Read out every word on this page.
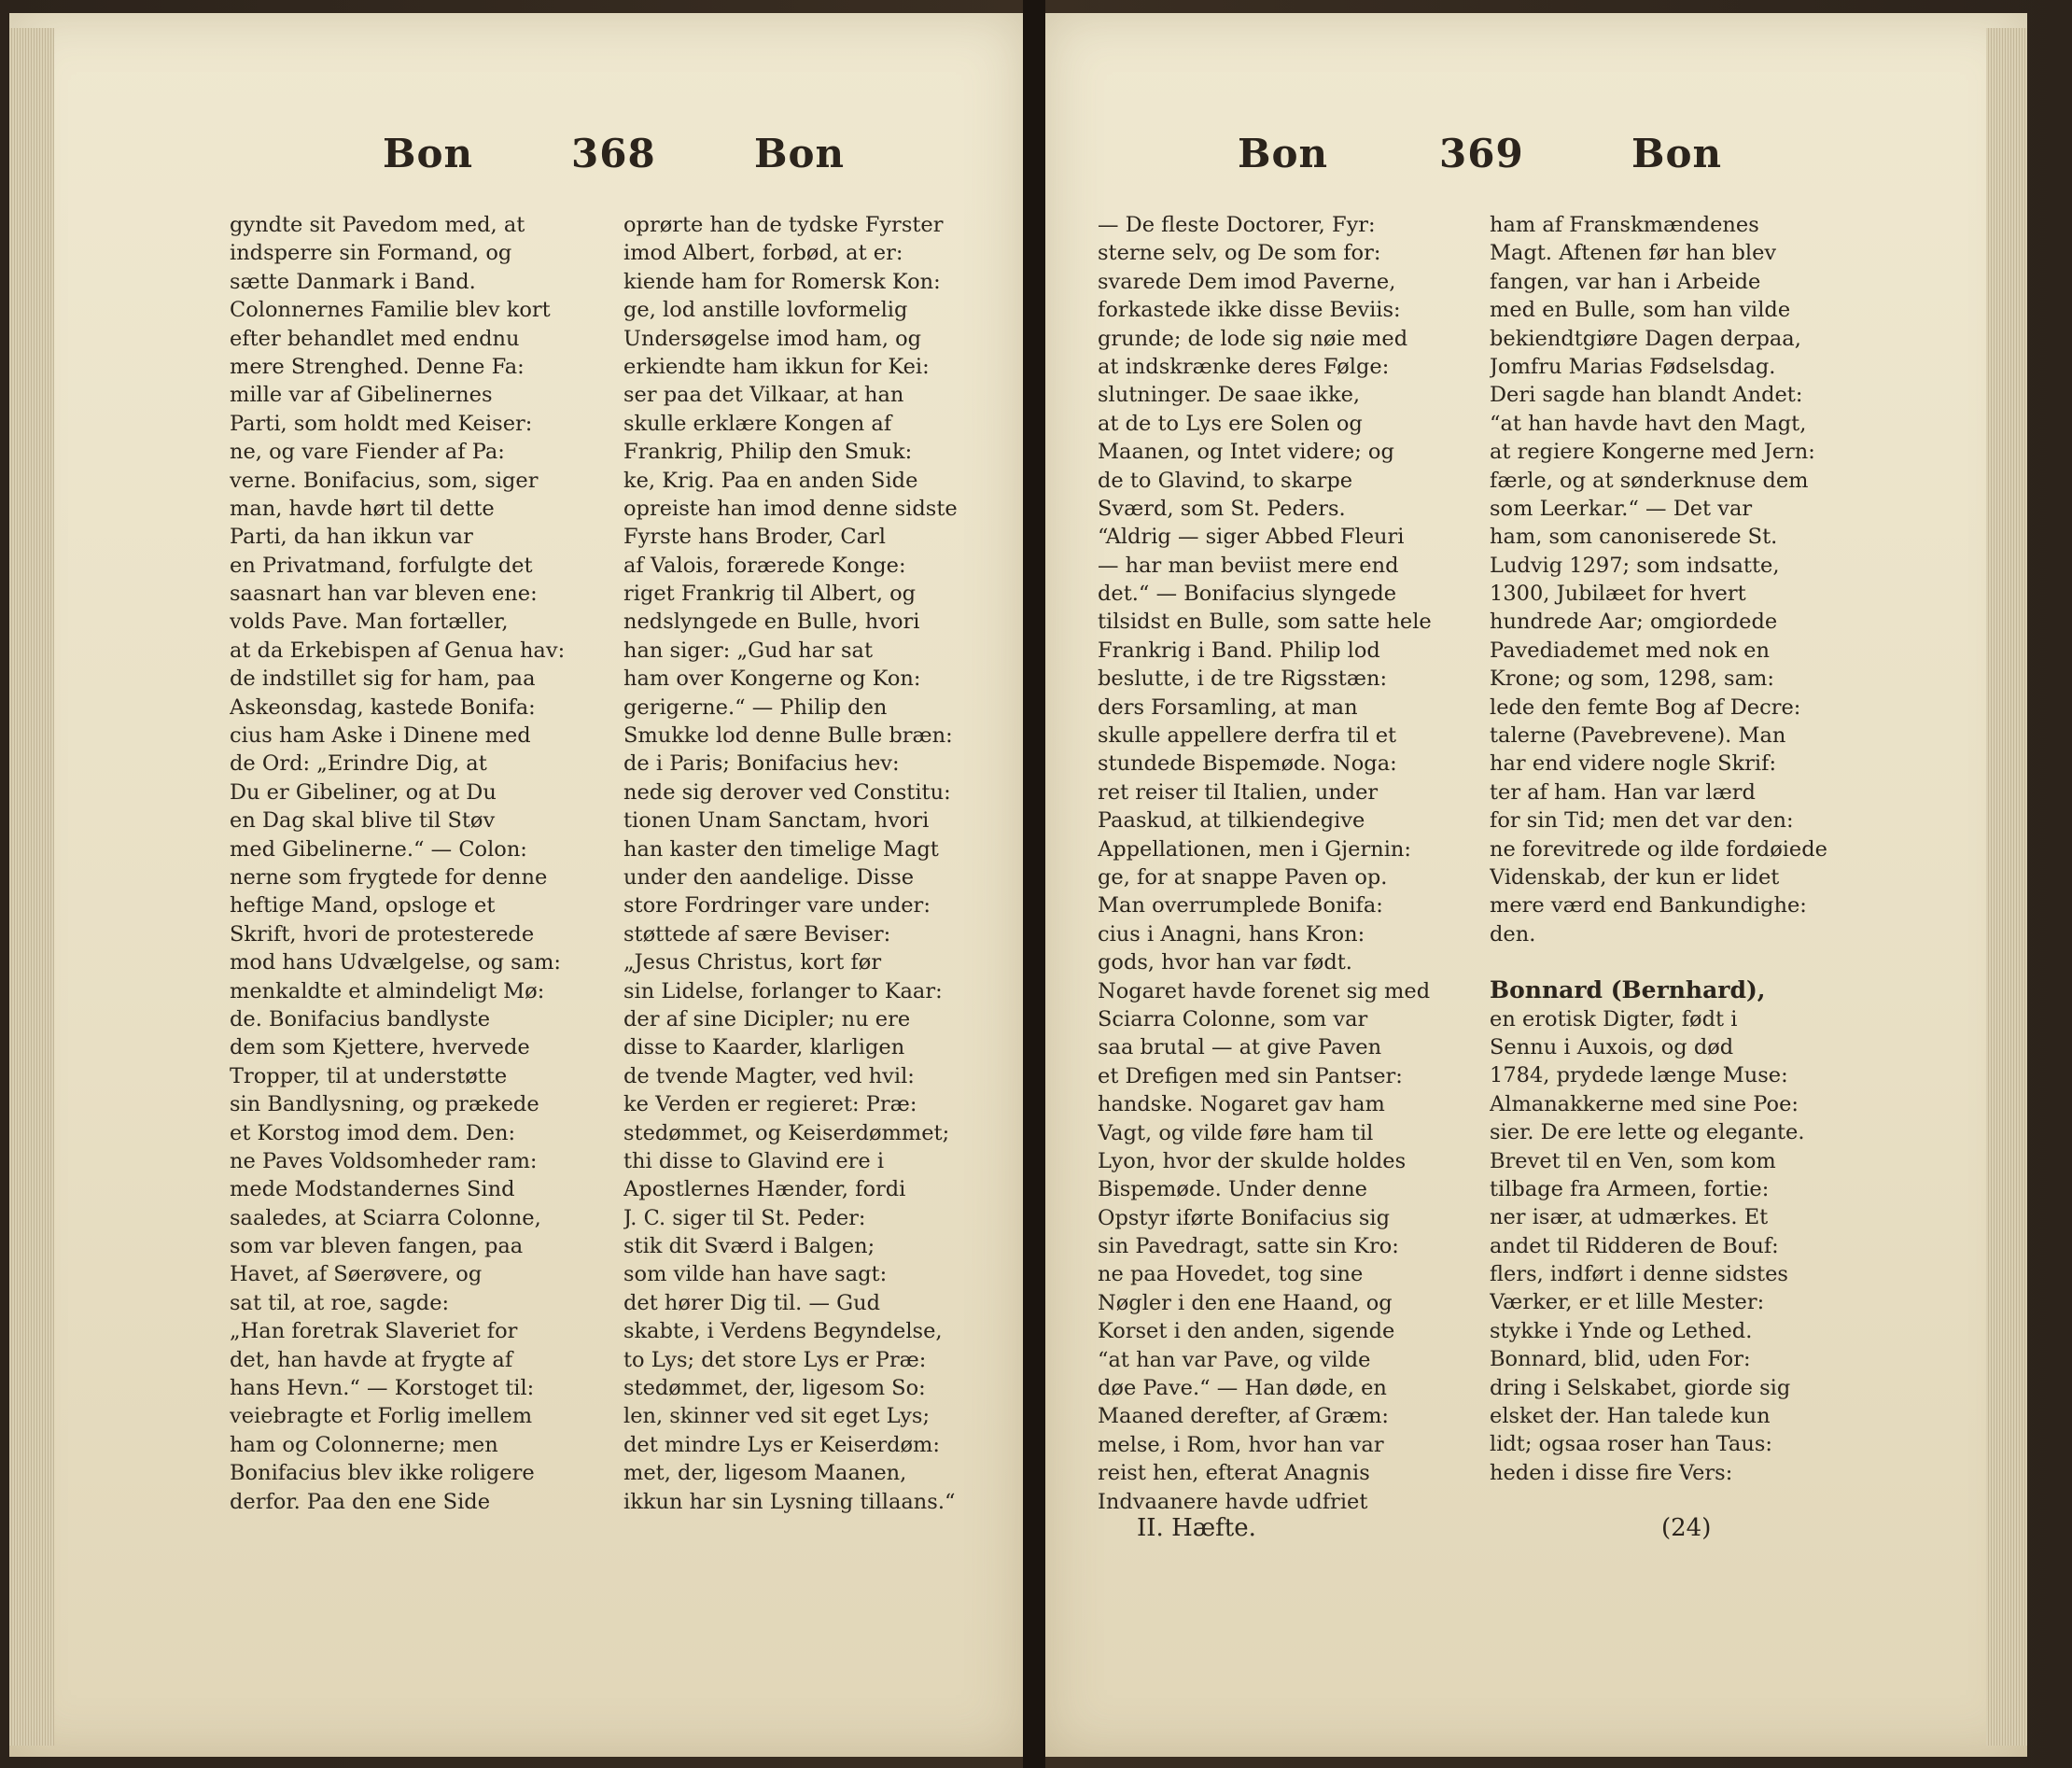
Bon 368	Bon	Bon	369	Bon
gyndte sit Pavedom med, at
indsperre sin Formand, og
sætte Danmark i Band.
Colonnernes Familie blev kort
efter behandlet med endnu
mere Strenghed. Denne Fa:
mille var af Gibelinernes
Parti, som holdt med Keiser:
ne, og vare Fiender af Pa:
verne. Bonifacius, som, siger
man, havde hørt til dette
Parti, da han ikkun var
en Privatmand, forfulgte det
saasnart han var bleven ene:
volds Pave. Man fortæller,
at da Erkebispen af Genua hav:
de indstillet sig for ham, paa
Askeonsdag, kastede Bonifa:
cius ham Aske i Dinene med
de Ord: „Erindre Dig, at
Du er Gibeliner, og at Du
en Dag skal blive til Støv
med Gibelinerne.“ — Colon:
nerne som frygtede for denne
heftige Mand, opsloge et
Skrift, hvori de protesterede
mod hans Udvælgelse, og sam:
menkaldte et almindeligt Mø:
de. Bonifacius bandlyste
dem som Kjettere, hvervede
Tropper, til at understøtte
sin Bandlysning, og prækede
et Korstog imod dem. Den:
ne Paves Voldsomheder ram:
mede Modstandernes Sind
saaledes, at Sciarra Colonne,
som var bleven fangen, paa
Havet, af Søerøvere, og
sat til, at roe, sagde:
„Han foretrak Slaveriet for
det, han havde at frygte af
hans Hevn.“ — Korstoget til:
veiebragte et Forlig imellem
ham og Colonnerne; men
Bonifacius blev ikke roligere
derfor. Paa den ene Side
oprørte han de tydske Fyrster
imod Albert, forbød, at er:
kiende ham for Romersk Kon:
ge, lod anstille lovformelig
Undersøgelse imod ham, og
erkiendte ham ikkun for Kei:
ser paa det Vilkaar, at han
skulle erklære Kongen af
Frankrig, Philip den Smuk:
ke, Krig. Paa en anden Side
opreiste han imod denne sidste
Fyrste hans Broder, Carl
af Valois, forærede Konge:
riget Frankrig til Albert, og
nedslyngede en Bulle, hvori
han siger: „Gud har sat
ham over Kongerne og Kon:
gerigerne.“ — Philip den
Smukke lod denne Bulle bræn:
de i Paris; Bonifacius hev:
nede sig derover ved Constitu:
tionen Unam Sanctam, hvori
han kaster den timelige Magt
under den aandelige. Disse
store Fordringer vare under:
støttede af sære Beviser:
„Jesus Christus, kort før
sin Lidelse, forlanger to Kaar:
der af sine Dicipler; nu ere
disse to Kaarder, klarligen
de tvende Magter, ved hvil:
ke Verden er regieret: Præ:
stedømmet, og Keiserdømmet;
thi disse to Glavind ere i
Apostlernes Hænder, fordi
J. C. siger til St. Peder:
stik dit Sværd i Balgen;
som vilde han have sagt:
det hører Dig til. — Gud
skabte, i Verdens Begyndelse,
to Lys; det store Lys er Præ:
stedømmet, der, ligesom So:
len, skinner ved sit eget Lys;
det mindre Lys er Keiserdøm:
met, der, ligesom Maanen,
ikkun har sin Lysning tillaans.“
— De fleste Doctorer, Fyr:
sterne selv, og De som for:
svarede Dem imod Paverne,
forkastede ikke disse Beviis:
grunde; de lode sig nøie med
at indskrænke deres Følge:
slutninger. De saae ikke,
at de to Lys ere Solen og
Maanen, og Intet videre; og
de to Glavind, to skarpe
Sværd, som St. Peders.
“Aldrig — siger Abbed Fleuri
— har man beviist mere end
det.“ — Bonifacius slyngede
tilsidst en Bulle, som satte hele
Frankrig i Band. Philip lod
beslutte, i de tre Rigsstæn:
ders Forsamling, at man
skulle appellere derfra til et
stundede Bispemøde. Noga:
ret reiser til Italien, under
Paaskud, at tilkiendegive
Appellationen, men i Gjernin:
ge, for at snappe Paven op.
Man overrumplede Bonifa:
cius i Anagni, hans Kron:
gods, hvor han var født.
Nogaret havde forenet sig med
Sciarra Colonne, som var
saa brutal — at give Paven
et Drefigen med sin Pantser:
handske. Nogaret gav ham
Vagt, og vilde føre ham til
Lyon, hvor der skulde holdes
Bispemøde. Under denne
Opstyr iførte Bonifacius sig
sin Pavedragt, satte sin Kro:
ne paa Hovedet, tog sine
Nøgler i den ene Haand, og
Korset i den anden, sigende
“at han var Pave, og vilde
døe Pave.“ — Han døde, en
Maaned derefter, af Græm:
melse, i Rom, hvor han var
reist hen, efterat Anagnis
Indvaanere havde udfriet
ham af Franskmændenes
Magt. Aftenen før han blev
fangen, var han i Arbeide
med en Bulle, som han vilde
bekiendtgiøre Dagen derpaa,
Jomfru Marias Fødselsdag.
Deri sagde han blandt Andet:
“at han havde havt den Magt,
at regiere Kongerne med Jern:
færle, og at sønderknuse dem
som Leerkar.“ — Det var
ham, som canoniserede St.
Ludvig 1297; som indsatte,
1300, Jubilæet for hvert
hundrede Aar; omgiordede
Pavediademet med nok en
Krone; og som, 1298, sam:
lede den femte Bog af Decre:
talerne (Pavebrevene). Man
har end videre nogle Skrif:
ter af ham. Han var lærd
for sin Tid; men det var den:
ne forevitrede og ilde fordøiede
Videnskab, der kun er lidet
mere værd end Bankundighe:
den.
Bonnard (Bernhard),
en erotisk Digter, født i
Sennu i Auxois, og død
1784, prydede længe Muse:
Almanakkerne med sine Poe:
sier. De ere lette og elegante.
Brevet til en Ven, som kom
tilbage fra Armeen, fortie:
ner især, at udmærkes. Et
andet til Ridderen de Bouf:
flers, indført i denne sidstes
Værker, er et lille Mester:
stykke i Ynde og Lethed.
Bonnard, blid, uden For:
dring i Selskabet, giorde sig
elsket der. Han talede kun
lidt; ogsaa roser han Taus:
heden i disse fire Vers:
II. Hæfte.	(24)
